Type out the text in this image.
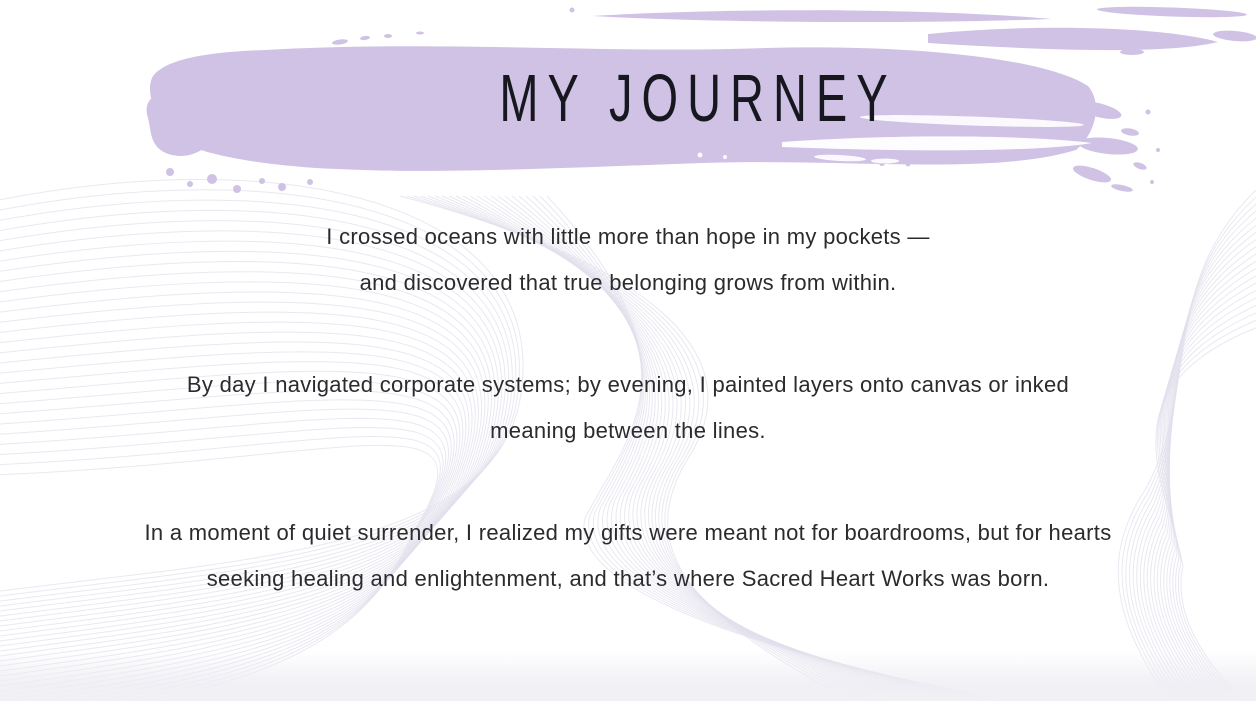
MY JOURNEY

I crossed oceans with little more than hope in my pockets —
and discovered that true belonging grows from within.

By day I navigated corporate systems; by evening, I painted layers onto canvas or inked
meaning between the lines.

In a moment of quiet surrender, I realized my gifts were meant not for boardrooms, but for hearts
seeking healing and enlightenment, and that’s where Sacred Heart Works was born.
